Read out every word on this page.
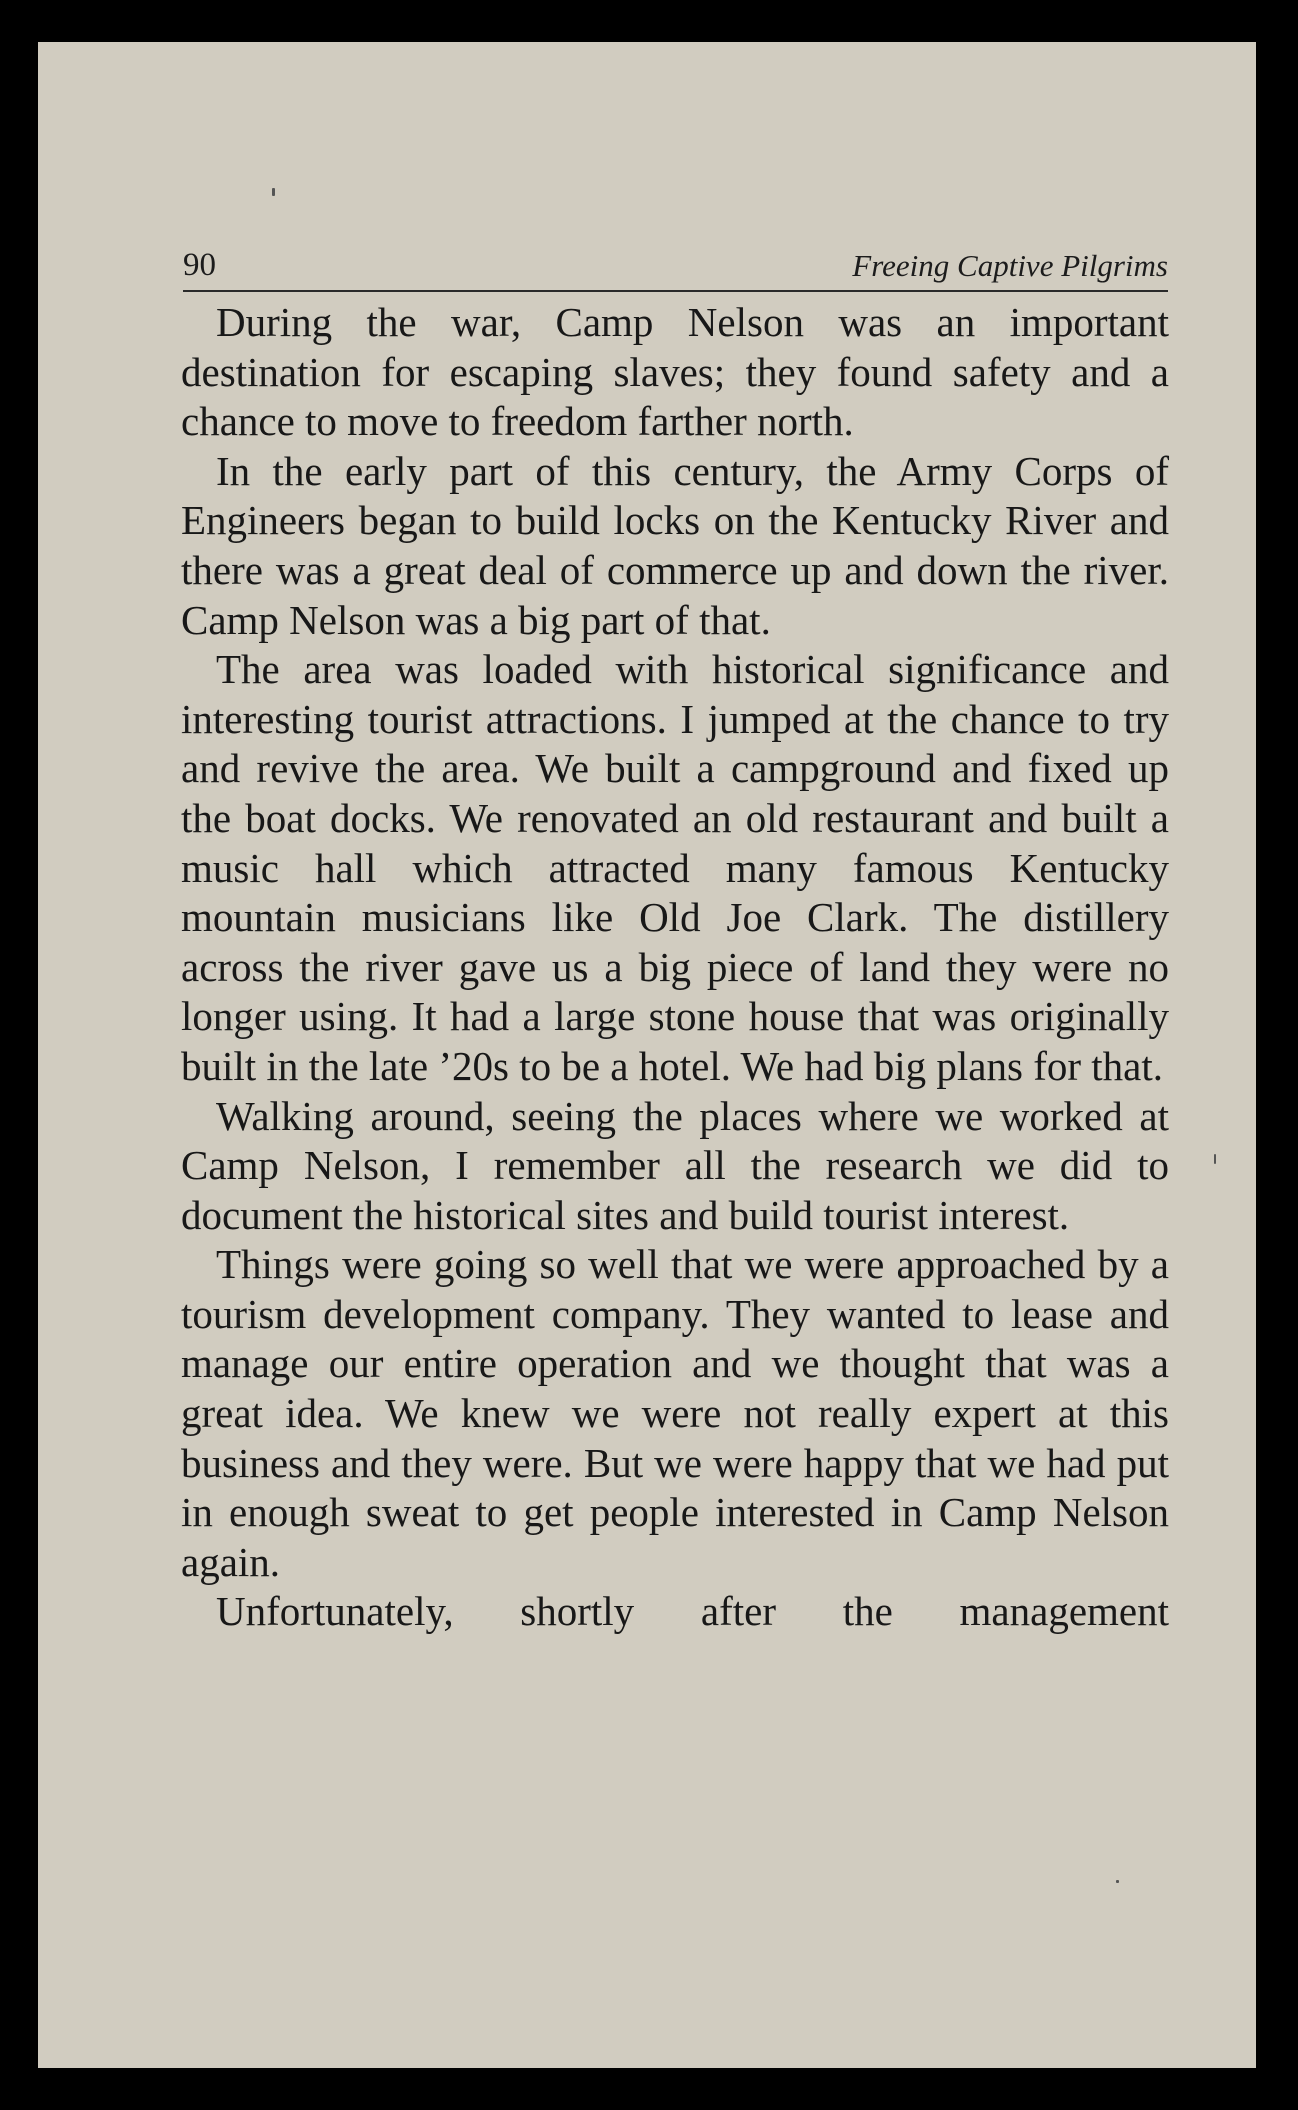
90	Freeing Captive Pilgrims

During the war, Camp Nelson was an important destination for escaping slaves; they found safety and a chance to move to freedom farther north.

In the early part of this century, the Army Corps of Engineers began to build locks on the Kentucky River and there was a great deal of commerce up and down the river. Camp Nelson was a big part of that.

The area was loaded with historical significance and interesting tourist attractions. I jumped at the chance to try and revive the area. We built a campground and fixed up the boat docks. We renovated an old restaurant and built a music hall which attracted many famous Kentucky mountain musicians like Old Joe Clark. The distillery across the river gave us a big piece of land they were no longer using. It had a large stone house that was originally built in the late ’20s to be a hotel. We had big plans for that.

Walking around, seeing the places where we worked at Camp Nelson, I remember all the research we did to document the historical sites and build tourist interest.

Things were going so well that we were approached by a tourism development company. They wanted to lease and manage our entire operation and we thought that was a great idea. We knew we were not really expert at this business and they were. But we were happy that we had put in enough sweat to get people interested in Camp Nelson again.

Unfortunately, shortly after the management
